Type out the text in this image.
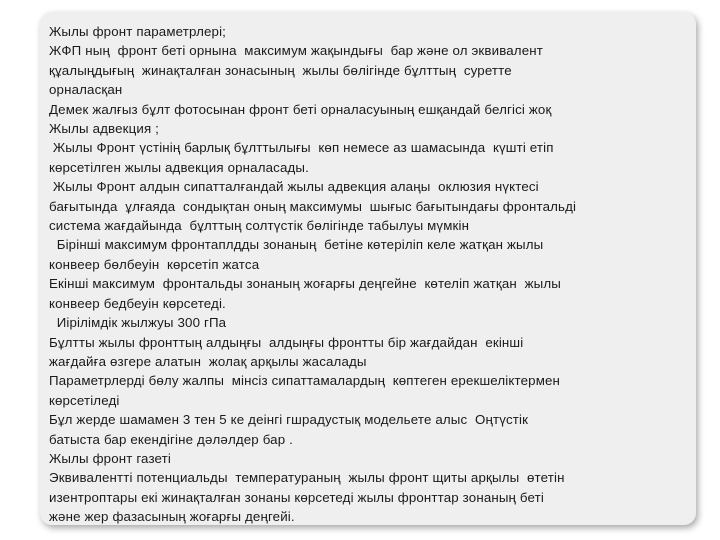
Жылы фронт параметрлері;
ЖФП ның  фронт беті орнына  максимум жақындығы  бар және ол эквивалент
құалыңдығың  жинақталған зонасының  жылы бөлігінде бұлттың  суретте
орналасқан
Демек жалғыз бұлт фотосынан фронт беті орналасуының ешқандай белгісі жоқ
Жылы адвекция ;
Жылы Фронт үстінің барлық бұлттылығы  көп немесе аз шамасында  күшті етіп
көрсетілген жылы адвекция орналасады.
Жылы Фронт алдын сипатталғандай жылы адвекция алаңы  оклюзия нүктесі
бағытында  ұлғаяда  сондықтан оның максимумы  шығыс бағытындағы фронтальді
система жағдайында  бұлттың солтүстік бөлігінде табылуы мүмкін
Бірінші максимум фронтаплдды зонаның  бетіне көтеріліп келе жатқан жылы
конвеер бөлбеуін  көрсетіп жатса
Екінші максимум  фронтальды зонаның жоғарғы деңгейне  көтеліп жатқан  жылы
конвеер бедбеуін көрсетеді.
Иірілімдік жылжуы 300 гПа
Бұлтты жылы фронттың алдыңғы  алдыңғы фронтты бір жағдайдан  екінші
жағдайға өзгере алатын  жолақ арқылы жасалады
Параметрлерді бөлу жалпы  мінсіз сипаттамалардың  көптеген ерекшеліктермен
көрсетіледі
Бұл жерде шамамен 3 тен 5 ке деінгі гшрадустық модельете алыс  Оңтүстік
батыста бар екендігіне дәләлдер бар .
Жылы фронт газеті
Эквиваленттi потенциальды  температураның  жылы фронт щиты арқылы  өтетін
изентроптары екі жинақталған зонаны көрсетеді жылы фронттар зонаның беті
және жер фазасының жоғарғы деңгейі.
